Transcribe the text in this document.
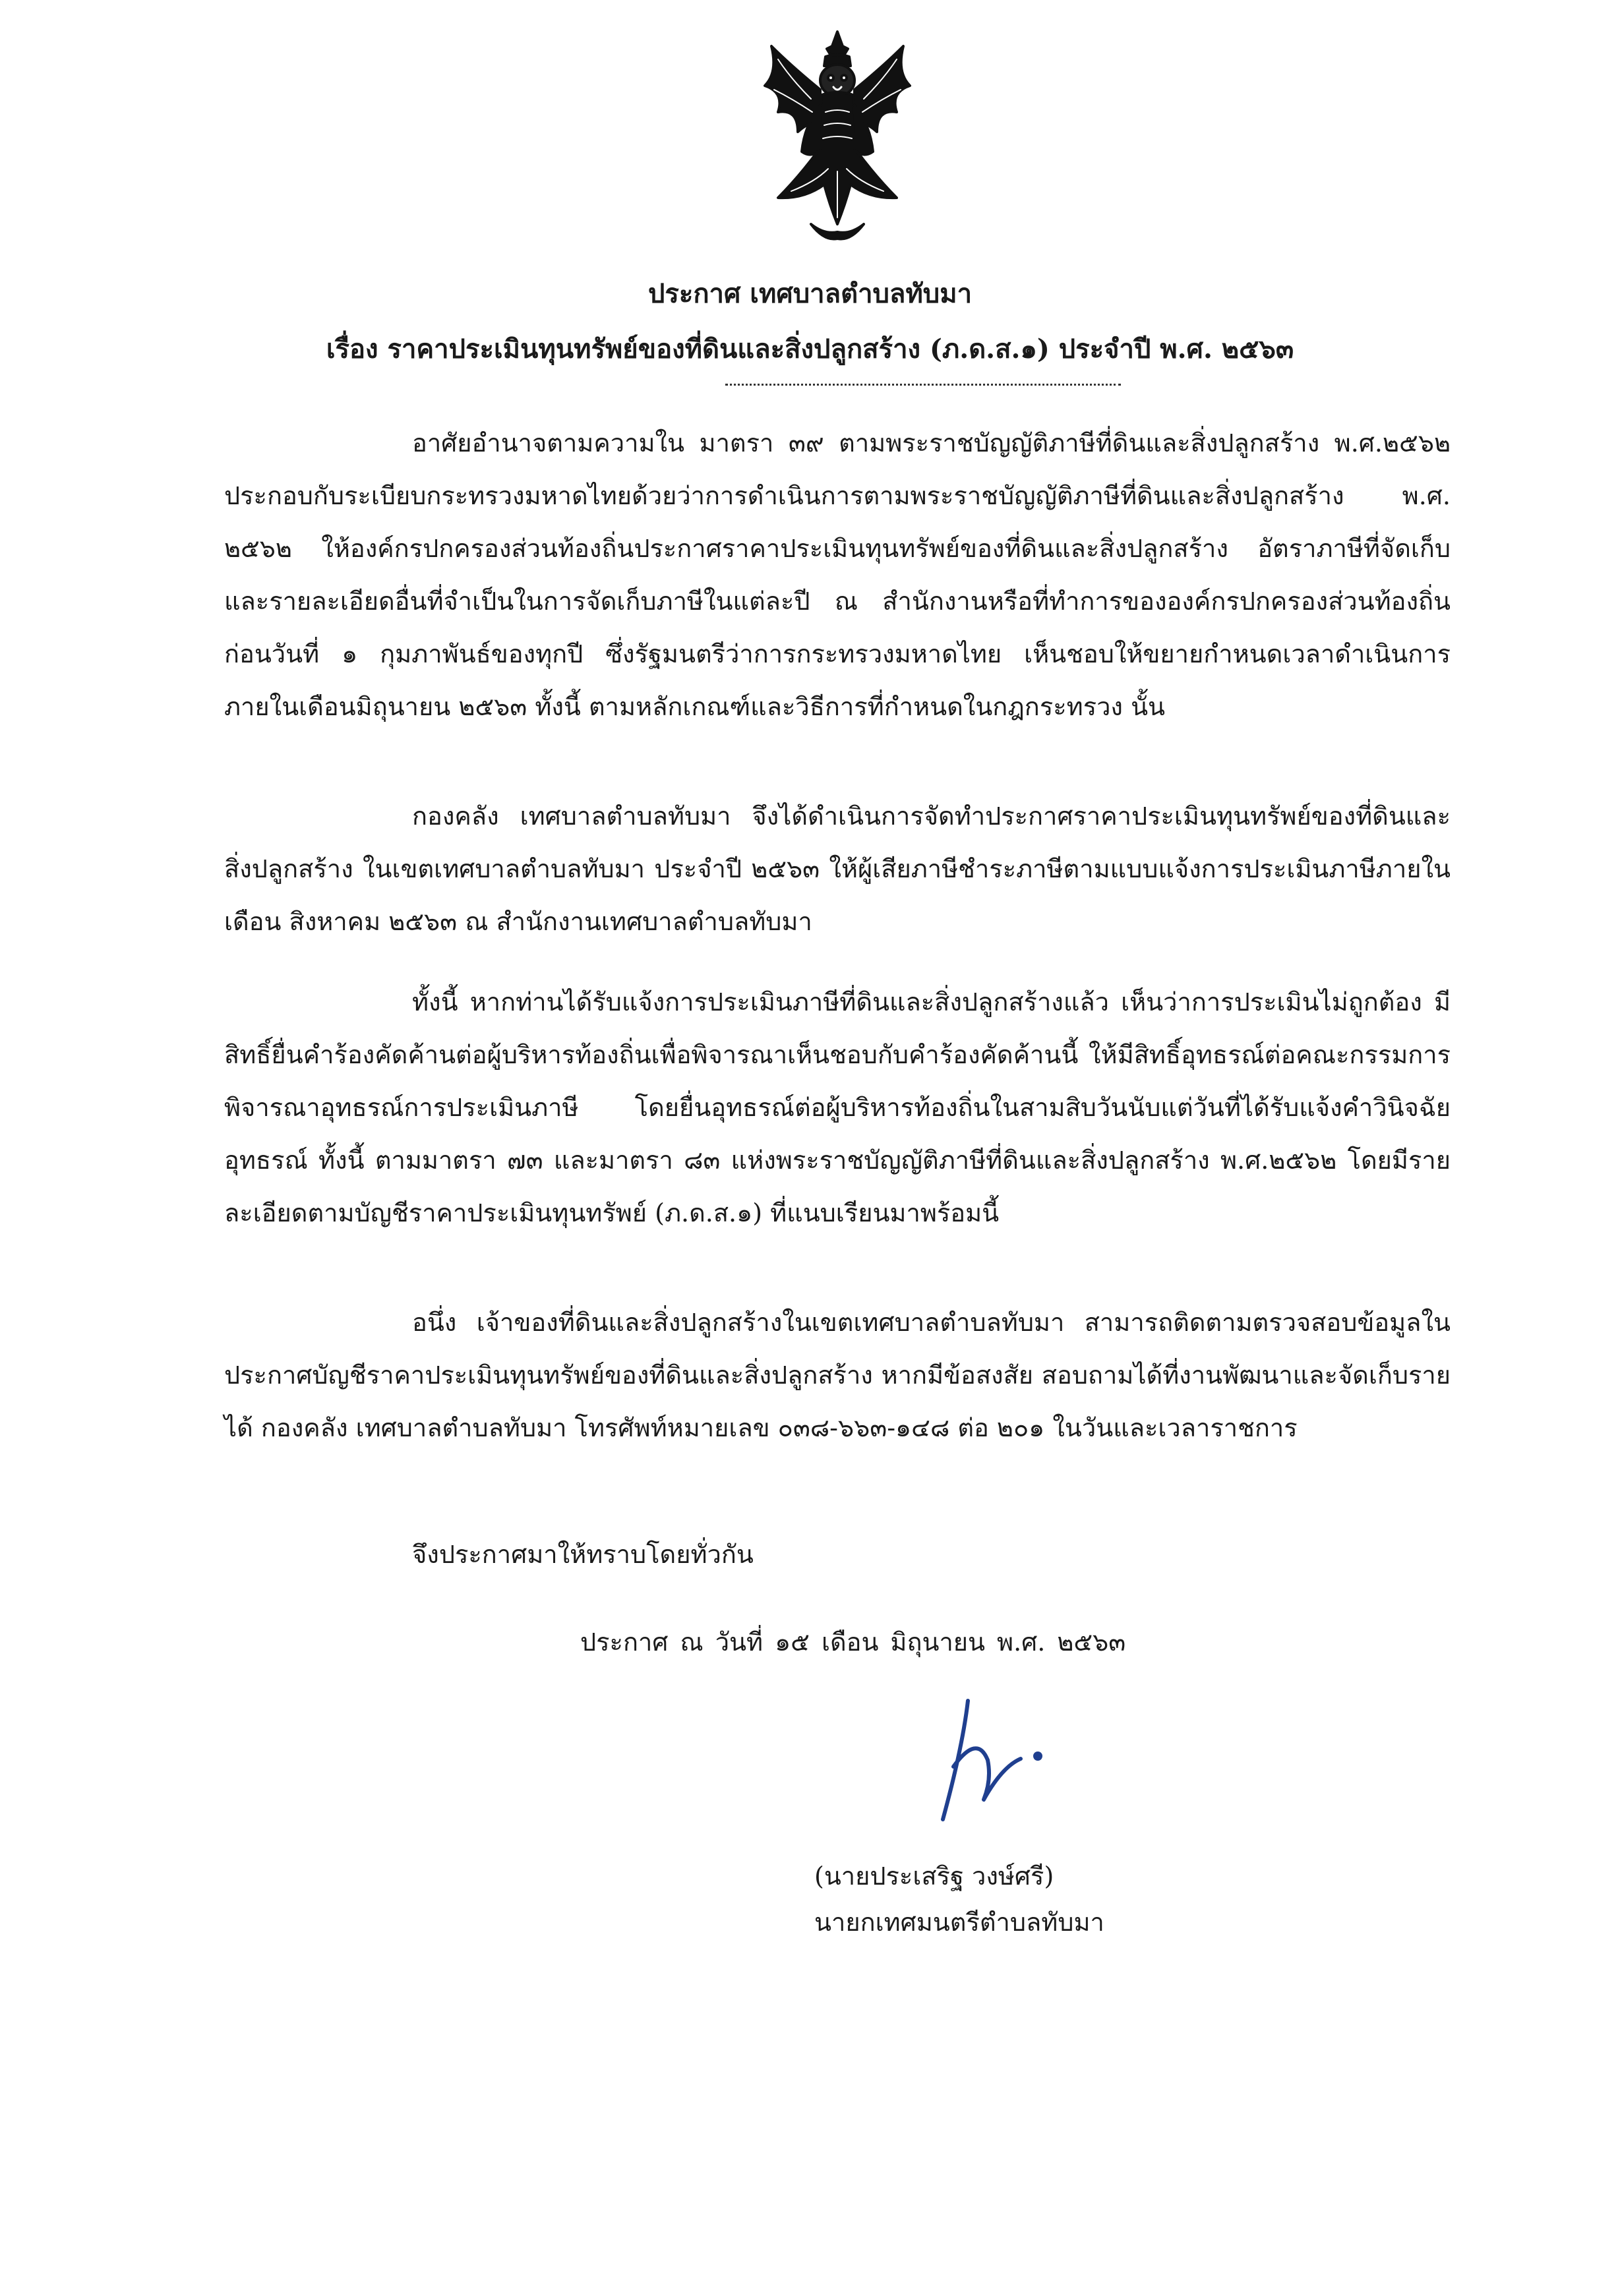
ประกาศ เทศบาลตำบลทับมา
เรื่อง ราคาประเมินทุนทรัพย์ของที่ดินและสิ่งปลูกสร้าง (ภ.ด.ส.๑) ประจำปี พ.ศ. ๒๕๖๓

อาศัยอำนาจตามความใน มาตรา ๓๙ ตามพระราชบัญญัติภาษีที่ดินและสิ่งปลูกสร้าง พ.ศ.๒๕๖๒ ประกอบกับระเบียบกระทรวงมหาดไทยด้วยว่าการดำเนินการตามพระราชบัญญัติภาษีที่ดินและสิ่งปลูกสร้าง พ.ศ. ๒๕๖๒ ให้องค์กรปกครองส่วนท้องถิ่นประกาศราคาประเมินทุนทรัพย์ของที่ดินและสิ่งปลูกสร้าง อัตราภาษีที่จัดเก็บ และรายละเอียดอื่นที่จำเป็นในการจัดเก็บภาษีในแต่ละปี ณ สำนักงานหรือที่ทำการขององค์กรปกครองส่วนท้องถิ่นก่อนวันที่ ๑ กุมภาพันธ์ของทุกปี ซึ่งรัฐมนตรีว่าการกระทรวงมหาดไทย เห็นชอบให้ขยายกำหนดเวลาดำเนินการภายในเดือนมิถุนายน ๒๕๖๓ ทั้งนี้ ตามหลักเกณฑ์และวิธีการที่กำหนดในกฎกระทรวง นั้น

กองคลัง เทศบาลตำบลทับมา จึงได้ดำเนินการจัดทำประกาศราคาประเมินทุนทรัพย์ของที่ดินและสิ่งปลูกสร้าง ในเขตเทศบาลตำบลทับมา ประจำปี ๒๕๖๓ ให้ผู้เสียภาษีชำระภาษีตามแบบแจ้งการประเมินภาษีภายในเดือน สิงหาคม ๒๕๖๓ ณ สำนักงานเทศบาลตำบลทับมา

ทั้งนี้ หากท่านได้รับแจ้งการประเมินภาษีที่ดินและสิ่งปลูกสร้างแล้ว เห็นว่าการประเมินไม่ถูกต้อง มีสิทธิ์ยื่นคำร้องคัดค้านต่อผู้บริหารท้องถิ่นเพื่อพิจารณาเห็นชอบกับคำร้องคัดค้านนี้ ให้มีสิทธิ์อุทธรณ์ต่อคณะกรรมการพิจารณาอุทธรณ์การประเมินภาษี โดยยื่นอุทธรณ์ต่อผู้บริหารท้องถิ่นในสามสิบวันนับแต่วันที่ได้รับแจ้งคำวินิจฉัยอุทธรณ์ ทั้งนี้ ตามมาตรา ๗๓ และมาตรา ๘๓ แห่งพระราชบัญญัติภาษีที่ดินและสิ่งปลูกสร้าง พ.ศ.๒๕๖๒ โดยมีรายละเอียดตามบัญชีราคาประเมินทุนทรัพย์ (ภ.ด.ส.๑) ที่แนบเรียนมาพร้อมนี้

อนึ่ง เจ้าของที่ดินและสิ่งปลูกสร้างในเขตเทศบาลตำบลทับมา สามารถติดตามตรวจสอบข้อมูลในประกาศบัญชีราคาประเมินทุนทรัพย์ของที่ดินและสิ่งปลูกสร้าง หากมีข้อสงสัย สอบถามได้ที่งานพัฒนาและจัดเก็บรายได้ กองคลัง เทศบาลตำบลทับมา โทรศัพท์หมายเลข ๐๓๘-๖๖๓-๑๔๘ ต่อ ๒๐๑ ในวันและเวลาราชการ

จึงประกาศมาให้ทราบโดยทั่วกัน
ประกาศ ณ วันที่ ๑๕ เดือน มิถุนายน พ.ศ. ๒๕๖๓
(นายประเสริฐ วงษ์ศรี)
นายกเทศมนตรีตำบลทับมา
